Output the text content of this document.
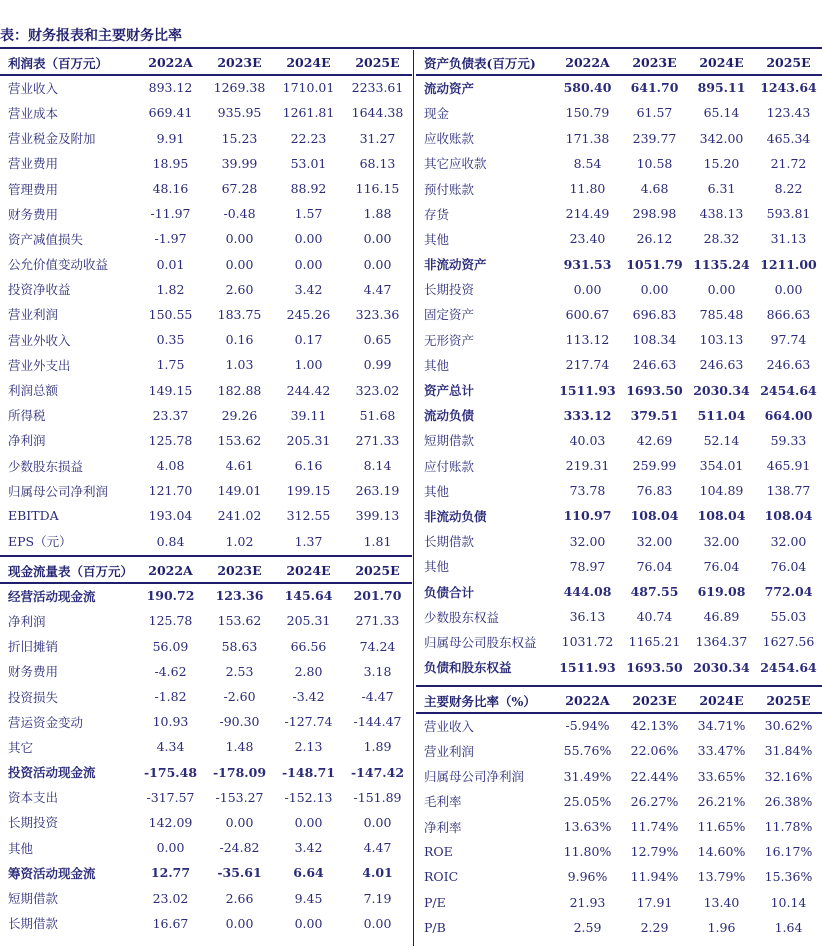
表：财务报表和主要财务比率
利润表（百万元）	2022A	2023E	2024E	2025E
营业收入	893.12	1269.38	1710.01	2233.61
营业成本	669.41	935.95	1261.81	1644.38
营业税金及附加	9.91	15.23	22.23	31.27
营业费用	18.95	39.99	53.01	68.13
管理费用	48.16	67.28	88.92	116.15
财务费用	-11.97	-0.48	1.57	1.88
资产减值损失	-1.97	0.00	0.00	0.00
公允价值变动收益	0.01	0.00	0.00	0.00
投资净收益	1.82	2.60	3.42	4.47
营业利润	150.55	183.75	245.26	323.36
营业外收入	0.35	0.16	0.17	0.65
营业外支出	1.75	1.03	1.00	0.99
利润总额	149.15	182.88	244.42	323.02
所得税	23.37	29.26	39.11	51.68
净利润	125.78	153.62	205.31	271.33
少数股东损益	4.08	4.61	6.16	8.14
归属母公司净利润	121.70	149.01	199.15	263.19
EBITDA	193.04	241.02	312.55	399.13
EPS（元）	0.84	1.02	1.37	1.81
现金流量表（百万元）	2022A	2023E	2024E	2025E
经营活动现金流	190.72	123.36	145.64	201.70
净利润	125.78	153.62	205.31	271.33
折旧摊销	56.09	58.63	66.56	74.24
财务费用	-4.62	2.53	2.80	3.18
投资损失	-1.82	-2.60	-3.42	-4.47
营运资金变动	10.93	-90.30	-127.74	-144.47
其它	4.34	1.48	2.13	1.89
投资活动现金流	-175.48	-178.09	-148.71	-147.42
资本支出	-317.57	-153.27	-152.13	-151.89
长期投资	142.09	0.00	0.00	0.00
其他	0.00	-24.82	3.42	4.47
筹资活动现金流	12.77	-35.61	6.64	4.01
短期借款	23.02	2.66	9.45	7.19
长期借款	16.67	0.00	0.00	0.00
资产负债表(百万元)	2022A	2023E	2024E	2025E
流动资产	580.40	641.70	895.11	1243.64
现金	150.79	61.57	65.14	123.43
应收账款	171.38	239.77	342.00	465.34
其它应收款	8.54	10.58	15.20	21.72
预付账款	11.80	4.68	6.31	8.22
存货	214.49	298.98	438.13	593.81
其他	23.40	26.12	28.32	31.13
非流动资产	931.53	1051.79	1135.24	1211.00
长期投资	0.00	0.00	0.00	0.00
固定资产	600.67	696.83	785.48	866.63
无形资产	113.12	108.34	103.13	97.74
其他	217.74	246.63	246.63	246.63
资产总计	1511.93	1693.50	2030.34	2454.64
流动负债	333.12	379.51	511.04	664.00
短期借款	40.03	42.69	52.14	59.33
应付账款	219.31	259.99	354.01	465.91
其他	73.78	76.83	104.89	138.77
非流动负债	110.97	108.04	108.04	108.04
长期借款	32.00	32.00	32.00	32.00
其他	78.97	76.04	76.04	76.04
负债合计	444.08	487.55	619.08	772.04
少数股东权益	36.13	40.74	46.89	55.03
归属母公司股东权益	1031.72	1165.21	1364.37	1627.56
负债和股东权益	1511.93	1693.50	2030.34	2454.64
主要财务比率（%）	2022A	2023E	2024E	2025E
营业收入	-5.94%	42.13%	34.71%	30.62%
营业利润	55.76%	22.06%	33.47%	31.84%
归属母公司净利润	31.49%	22.44%	33.65%	32.16%
毛利率	25.05%	26.27%	26.21%	26.38%
净利率	13.63%	11.74%	11.65%	11.78%
ROE	11.80%	12.79%	14.60%	16.17%
ROIC	9.96%	11.94%	13.79%	15.36%
P/E	21.93	17.91	13.40	10.14
P/B	2.59	2.29	1.96	1.64
